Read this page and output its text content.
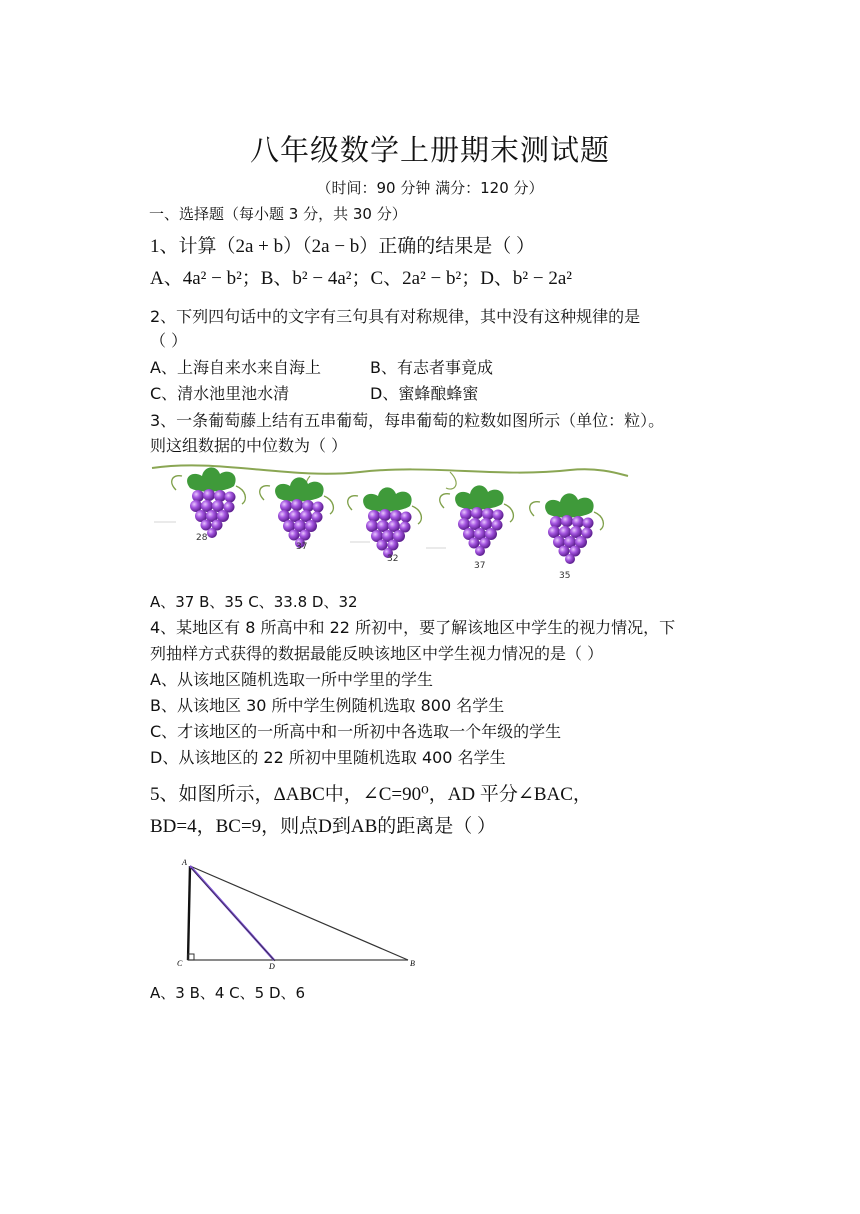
八年级数学上册期末测试题
（时间：90 分钟 满分：120 分）
一、选择题（每小题 3 分，共 30 分）
1、计算（2a + b）（2a − b）正确的结果是（ ）
A、4a² − b²；B、b² − 4a²；C、2a² − b²；D、b² − 2a²
2、下列四句话中的文字有三句具有对称规律，其中没有这种规律的是
（ ）
A、上海自来水来自海上	B、有志者事竟成
C、清水池里池水清	D、蜜蜂酿蜂蜜
3、一条葡萄藤上结有五串葡萄，每串葡萄的粒数如图所示（单位：粒）。
则这组数据的中位数为（ ）
28
37
32
37
35
A、37 B、35 C、33.8 D、32
4、某地区有 8 所高中和 22 所初中，要了解该地区中学生的视力情况，下
列抽样方式获得的数据最能反映该地区中学生视力情况的是（ ）
A、从该地区随机选取一所中学里的学生
B、从该地区 30 所中学生例随机选取 800 名学生
C、才该地区的一所高中和一所初中各选取一个年级的学生
D、从该地区的 22 所初中里随机选取 400 名学生
5、如图所示，ΔABC中，∠C=90⁰，AD 平分∠BAC，
BD=4，BC=9，则点D到AB的距离是（ ）
A
B
C	D
A、3 B、4 C、5 D、6
